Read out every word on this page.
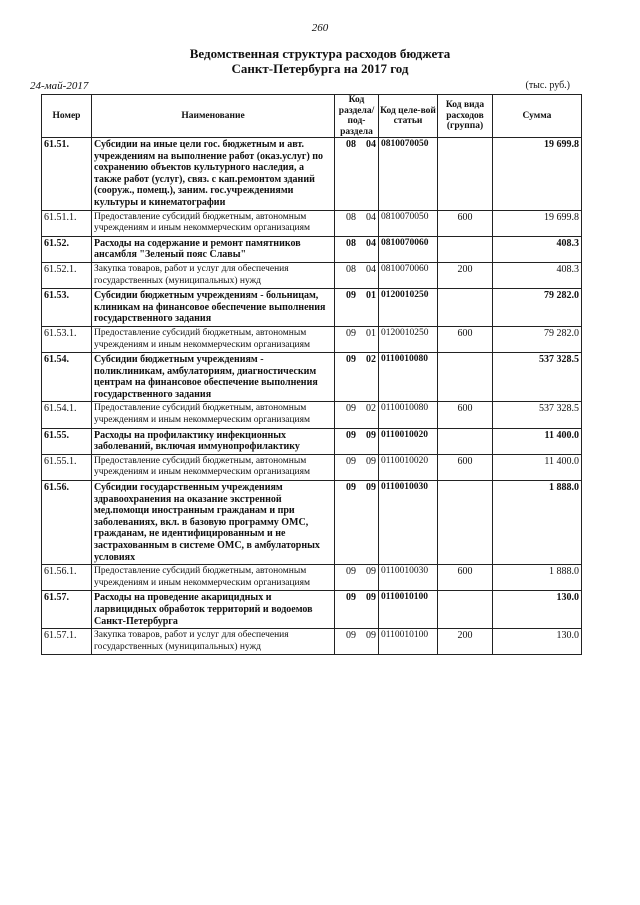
260
Ведомственная структура расходов бюджета
Санкт-Петербурга на 2017 год
24-май-2017	(тыс. руб.)
Номер	Наименование	Код раздела/ под-раздела	Код целе-вой статьи	Код вида расходов (группа)	Сумма
61.51.	Субсидии на иные цели гос. бюджетным и авт. учреждениям на выполнение работ (оказ.услуг) по сохранению объектов культурного наследия, а также работ (услуг), связ. с кап.ремонтом зданий (сооруж., помещ.), заним. гос.учреждениями культуры и кинематографии	08 04	0810070050		19 699.8
61.51.1.	Предоставление субсидий бюджетным, автономным учреждениям и иным некоммерческим организациям	08 04	0810070050	600	19 699.8
61.52.	Расходы на содержание и ремонт памятников ансамбля "Зеленый пояс Славы"	08 04	0810070060		408.3
61.52.1.	Закупка товаров, работ и услуг для обеспечения государственных (муниципальных) нужд	08 04	0810070060	200	408.3
61.53.	Субсидии бюджетным учреждениям - больницам, клиникам на финансовое обеспечение выполнения государственного задания	09 01	0120010250		79 282.0
61.53.1.	Предоставление субсидий бюджетным, автономным учреждениям и иным некоммерческим организациям	09 01	0120010250	600	79 282.0
61.54.	Субсидии бюджетным учреждениям - поликлиникам, амбулаториям, диагностическим центрам на финансовое обеспечение выполнения государственного задания	09 02	0110010080		537 328.5
61.54.1.	Предоставление субсидий бюджетным, автономным учреждениям и иным некоммерческим организациям	09 02	0110010080	600	537 328.5
61.55.	Расходы на профилактику инфекционных заболеваний, включая иммунопрофилактику	09 09	0110010020		11 400.0
61.55.1.	Предоставление субсидий бюджетным, автономным учреждениям и иным некоммерческим организациям	09 09	0110010020	600	11 400.0
61.56.	Субсидии государственным учреждениям здравоохранения на оказание экстренной мед.помощи иностранным гражданам и при заболеваниях, вкл. в базовую программу ОМС, гражданам, не идентифицированным и не застрахованным в системе ОМС, в амбулаторных условиях	09 09	0110010030		1 888.0
61.56.1.	Предоставление субсидий бюджетным, автономным учреждениям и иным некоммерческим организациям	09 09	0110010030	600	1 888.0
61.57.	Расходы на проведение акарицидных и ларвицидных обработок территорий и водоемов Санкт-Петербурга	09 09	0110010100		130.0
61.57.1.	Закупка товаров, работ и услуг для обеспечения государственных (муниципальных) нужд	09 09	0110010100	200	130.0
